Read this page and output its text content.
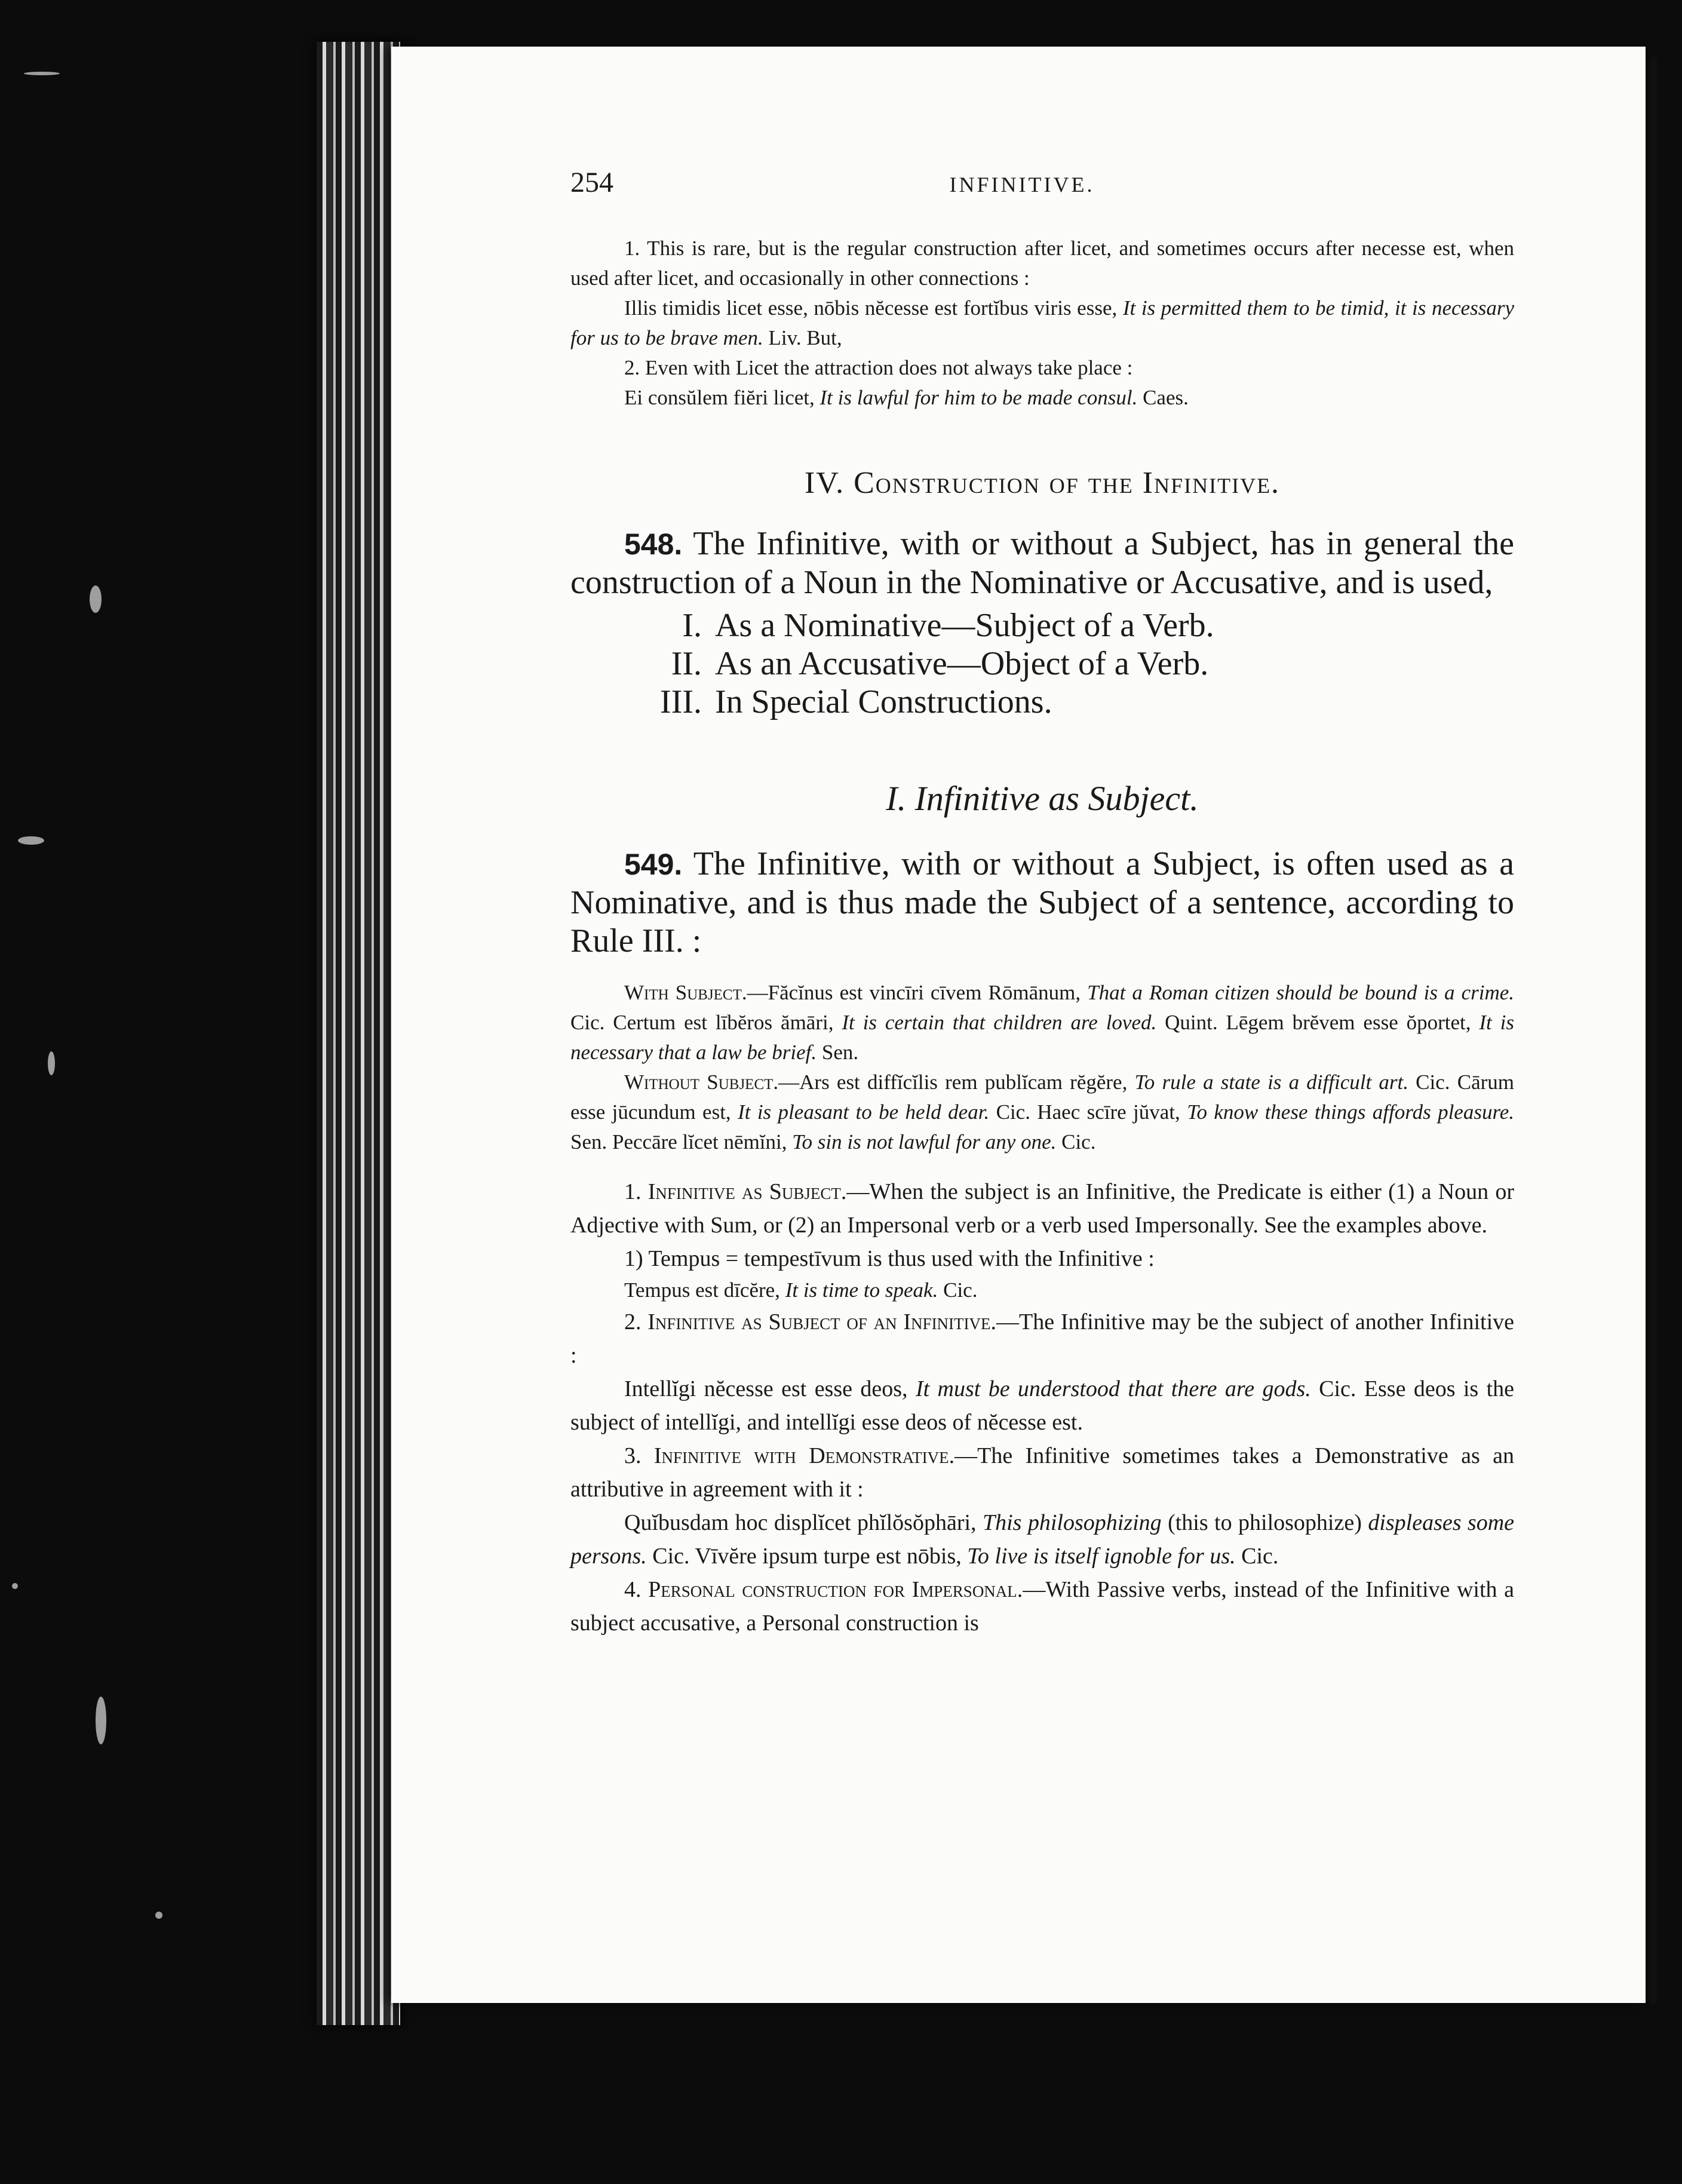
254	INFINITIVE.

1. This is rare, but is the regular construction after licet, and sometimes occurs after necesse est, when used after licet, and occasionally in other connections :

Illis timidis licet esse, nōbis nĕcesse est fortĭbus viris esse, It is permitted them to be timid, it is necessary for us to be brave men. Liv. But,

2. Even with Licet the attraction does not always take place :

Ei consŭlem fiĕri licet, It is lawful for him to be made consul. Caes.

IV. Construction of the Infinitive.

548. The Infinitive, with or without a Subject, has in general the construction of a Noun in the Nominative or Accusative, and is used,

I. As a Nominative—Subject of a Verb.
II. As an Accusative—Object of a Verb.
III. In Special Constructions.
I. Infinitive as Subject.

549. The Infinitive, with or without a Subject, is often used as a Nominative, and is thus made the Subject of a sentence, according to Rule III. :

With Subject.—Făcĭnus est vincīri cīvem Rōmānum, That a Roman citizen should be bound is a crime. Cic. Certum est lībĕros ămāri, It is certain that children are loved. Quint. Lēgem brĕvem esse ŏportet, It is necessary that a law be brief. Sen.

Without Subject.—Ars est diffĭcĭlis rem publĭcam rĕgĕre, To rule a state is a difficult art. Cic. Cārum esse jūcundum est, It is pleasant to be held dear. Cic. Haec scīre jŭvat, To know these things affords pleasure. Sen. Peccāre lĭcet nēmĭni, To sin is not lawful for any one. Cic.

1. Infinitive as Subject.—When the subject is an Infinitive, the Predicate is either (1) a Noun or Adjective with Sum, or (2) an Impersonal verb or a verb used Impersonally. See the examples above.

1) Tempus = tempestīvum is thus used with the Infinitive :

Tempus est dīcĕre, It is time to speak. Cic.

2. Infinitive as Subject of an Infinitive.—The Infinitive may be the subject of another Infinitive :

Intellĭgi nĕcesse est esse deos, It must be understood that there are gods. Cic. Esse deos is the subject of intellĭgi, and intellĭgi esse deos of nĕcesse est.

3. Infinitive with Demonstrative.—The Infinitive sometimes takes a Demonstrative as an attributive in agreement with it :

Quĭbusdam hoc displĭcet phĭlŏsŏphāri, This philosophizing (this to philosophize) displeases some persons. Cic. Vīvĕre ipsum turpe est nōbis, To live is itself ignoble for us. Cic.

4. Personal construction for Impersonal.—With Passive verbs, instead of the Infinitive with a subject accusative, a Personal construction is
